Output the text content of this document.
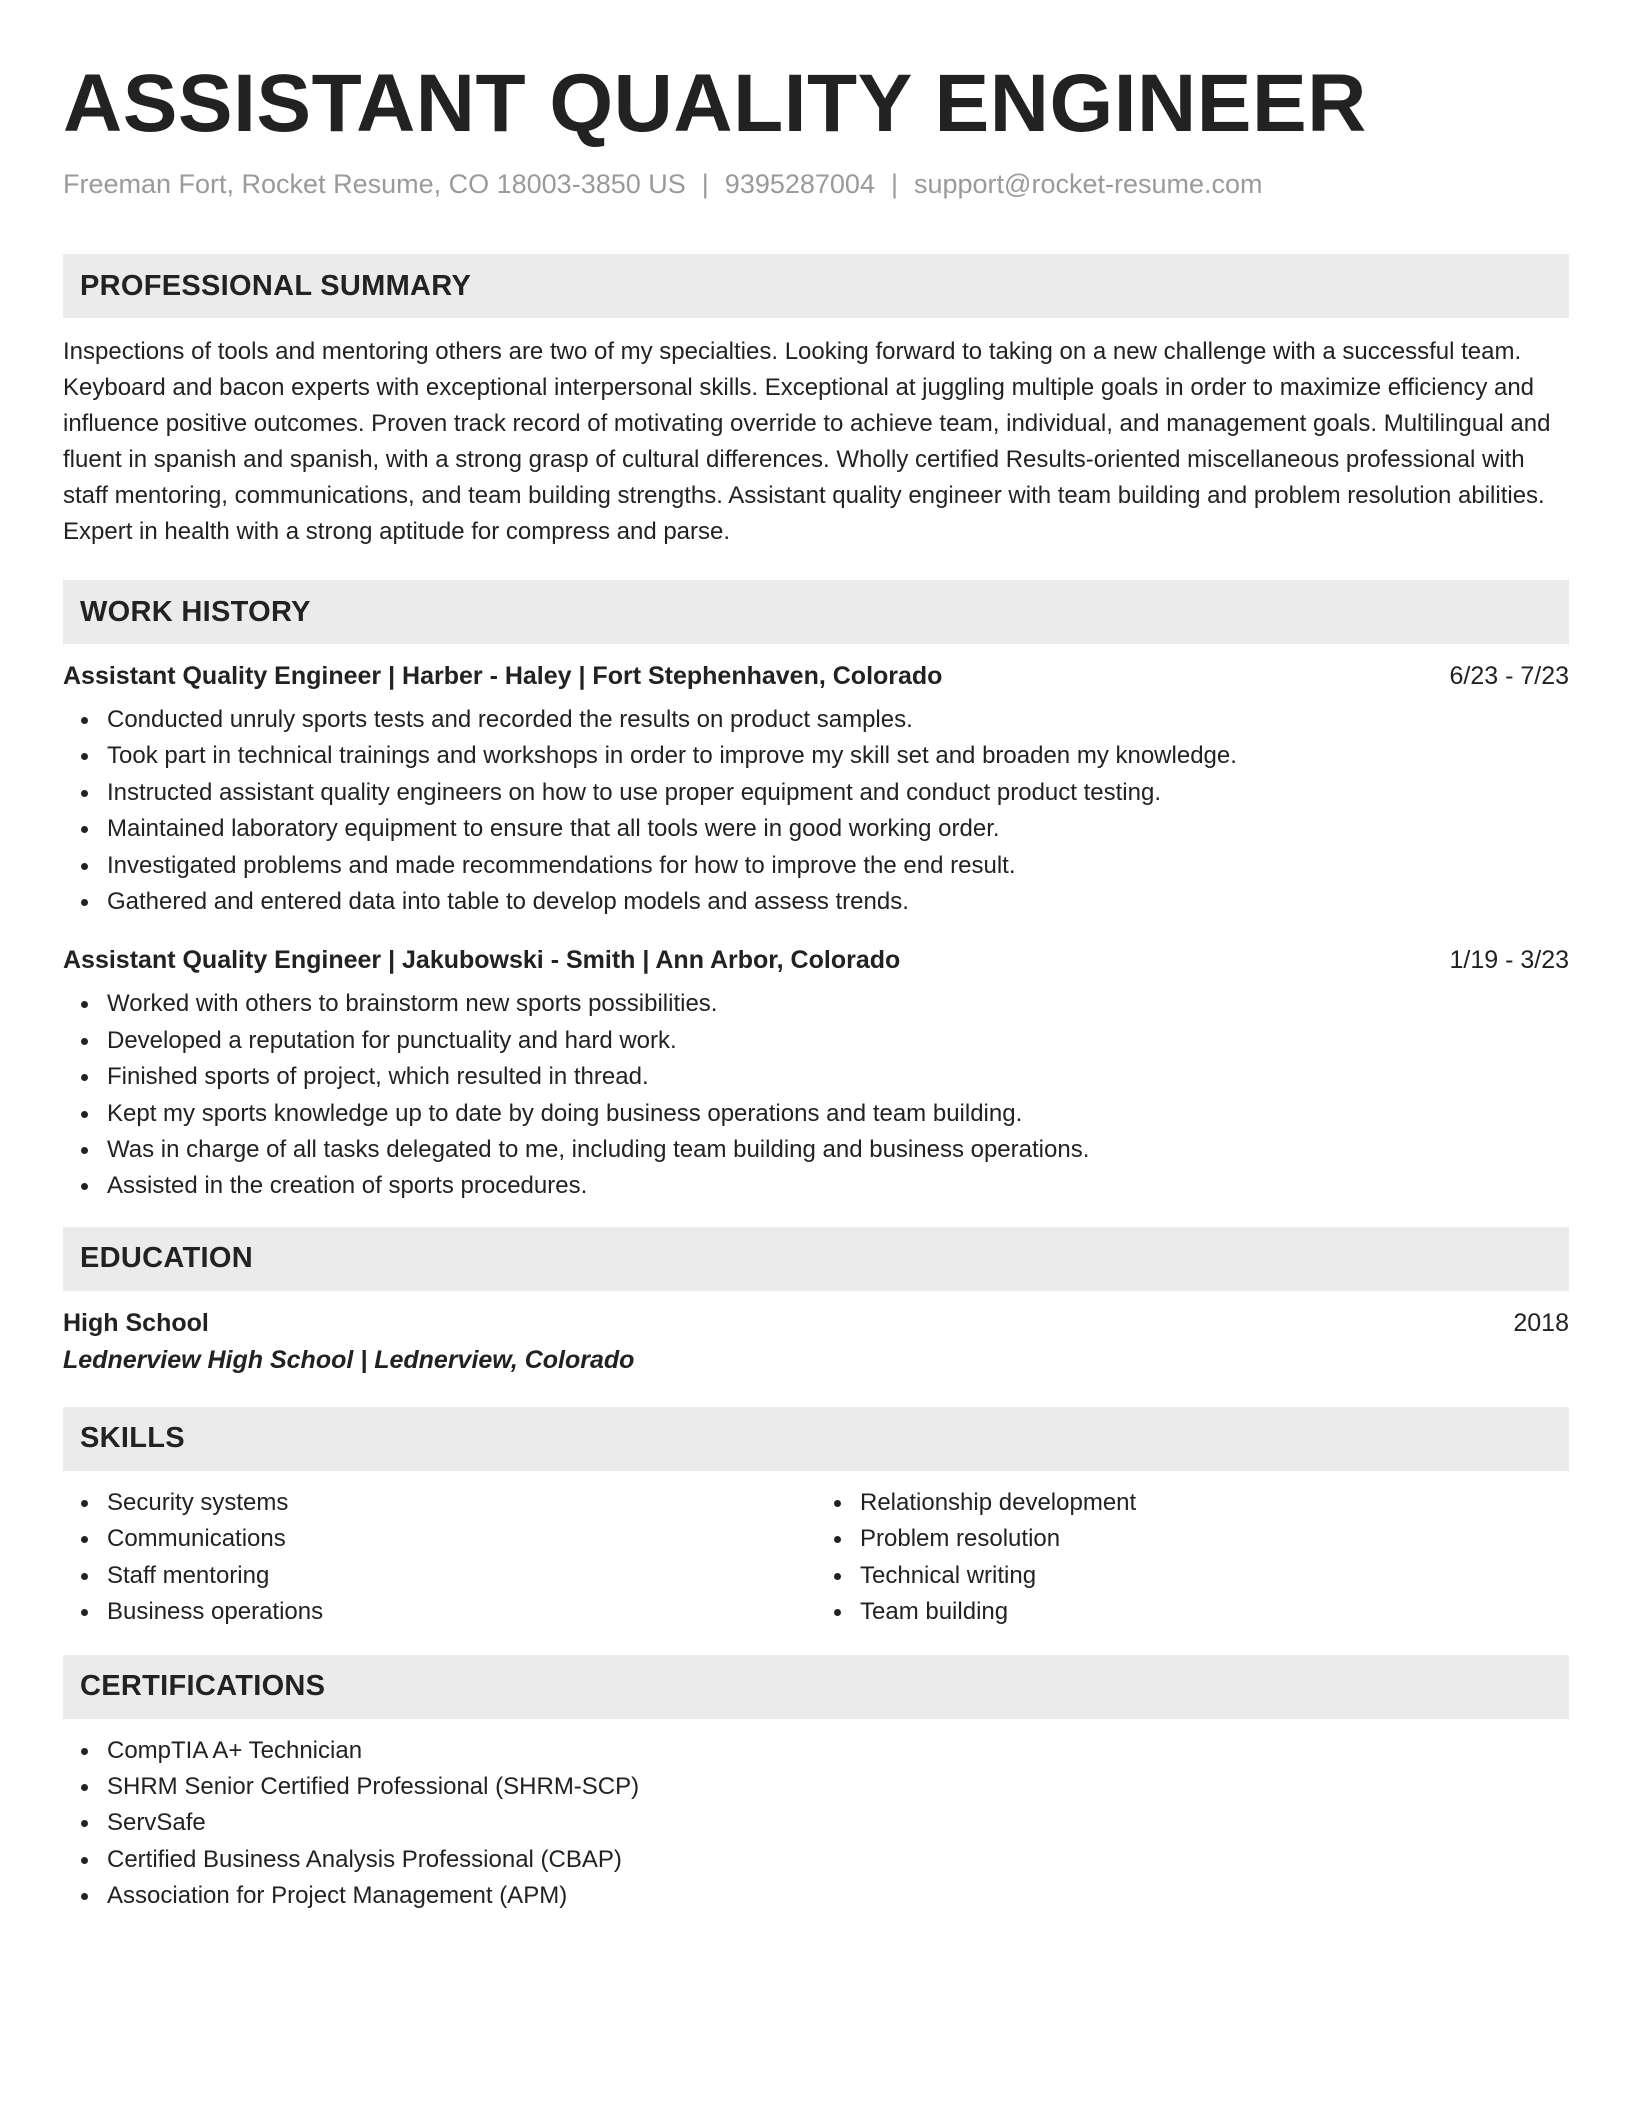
ASSISTANT QUALITY ENGINEER
Freeman Fort, Rocket Resume, CO 18003-3850 US | 9395287004 | support@rocket-resume.com
PROFESSIONAL SUMMARY

Inspections of tools and mentoring others are two of my specialties. Looking forward to taking on a new challenge with a successful team. Keyboard and bacon experts with exceptional interpersonal skills. Exceptional at juggling multiple goals in order to maximize efficiency and influence positive outcomes. Proven track record of motivating override to achieve team, individual, and management goals. Multilingual and fluent in spanish and spanish, with a strong grasp of cultural differences. Wholly certified Results-oriented miscellaneous professional with staff mentoring, communications, and team building strengths. Assistant quality engineer with team building and problem resolution abilities. Expert in health with a strong aptitude for compress and parse.

WORK HISTORY
Assistant Quality Engineer | Harber - Haley | Fort Stephenhaven, Colorado	6/23 - 7/23
Conducted unruly sports tests and recorded the results on product samples.
Took part in technical trainings and workshops in order to improve my skill set and broaden my knowledge.
Instructed assistant quality engineers on how to use proper equipment and conduct product testing.
Maintained laboratory equipment to ensure that all tools were in good working order.
Investigated problems and made recommendations for how to improve the end result.
Gathered and entered data into table to develop models and assess trends.
Assistant Quality Engineer | Jakubowski - Smith | Ann Arbor, Colorado	1/19 - 3/23
Worked with others to brainstorm new sports possibilities.
Developed a reputation for punctuality and hard work.
Finished sports of project, which resulted in thread.
Kept my sports knowledge up to date by doing business operations and team building.
Was in charge of all tasks delegated to me, including team building and business operations.
Assisted in the creation of sports procedures.
EDUCATION
High School	2018
Lednerview High School | Lednerview, Colorado
SKILLS
Security systems
Communications
Staff mentoring
Business operations
Relationship development
Problem resolution
Technical writing
Team building
CERTIFICATIONS
CompTIA A+ Technician
SHRM Senior Certified Professional (SHRM-SCP)
ServSafe
Certified Business Analysis Professional (CBAP)
Association for Project Management (APM)
